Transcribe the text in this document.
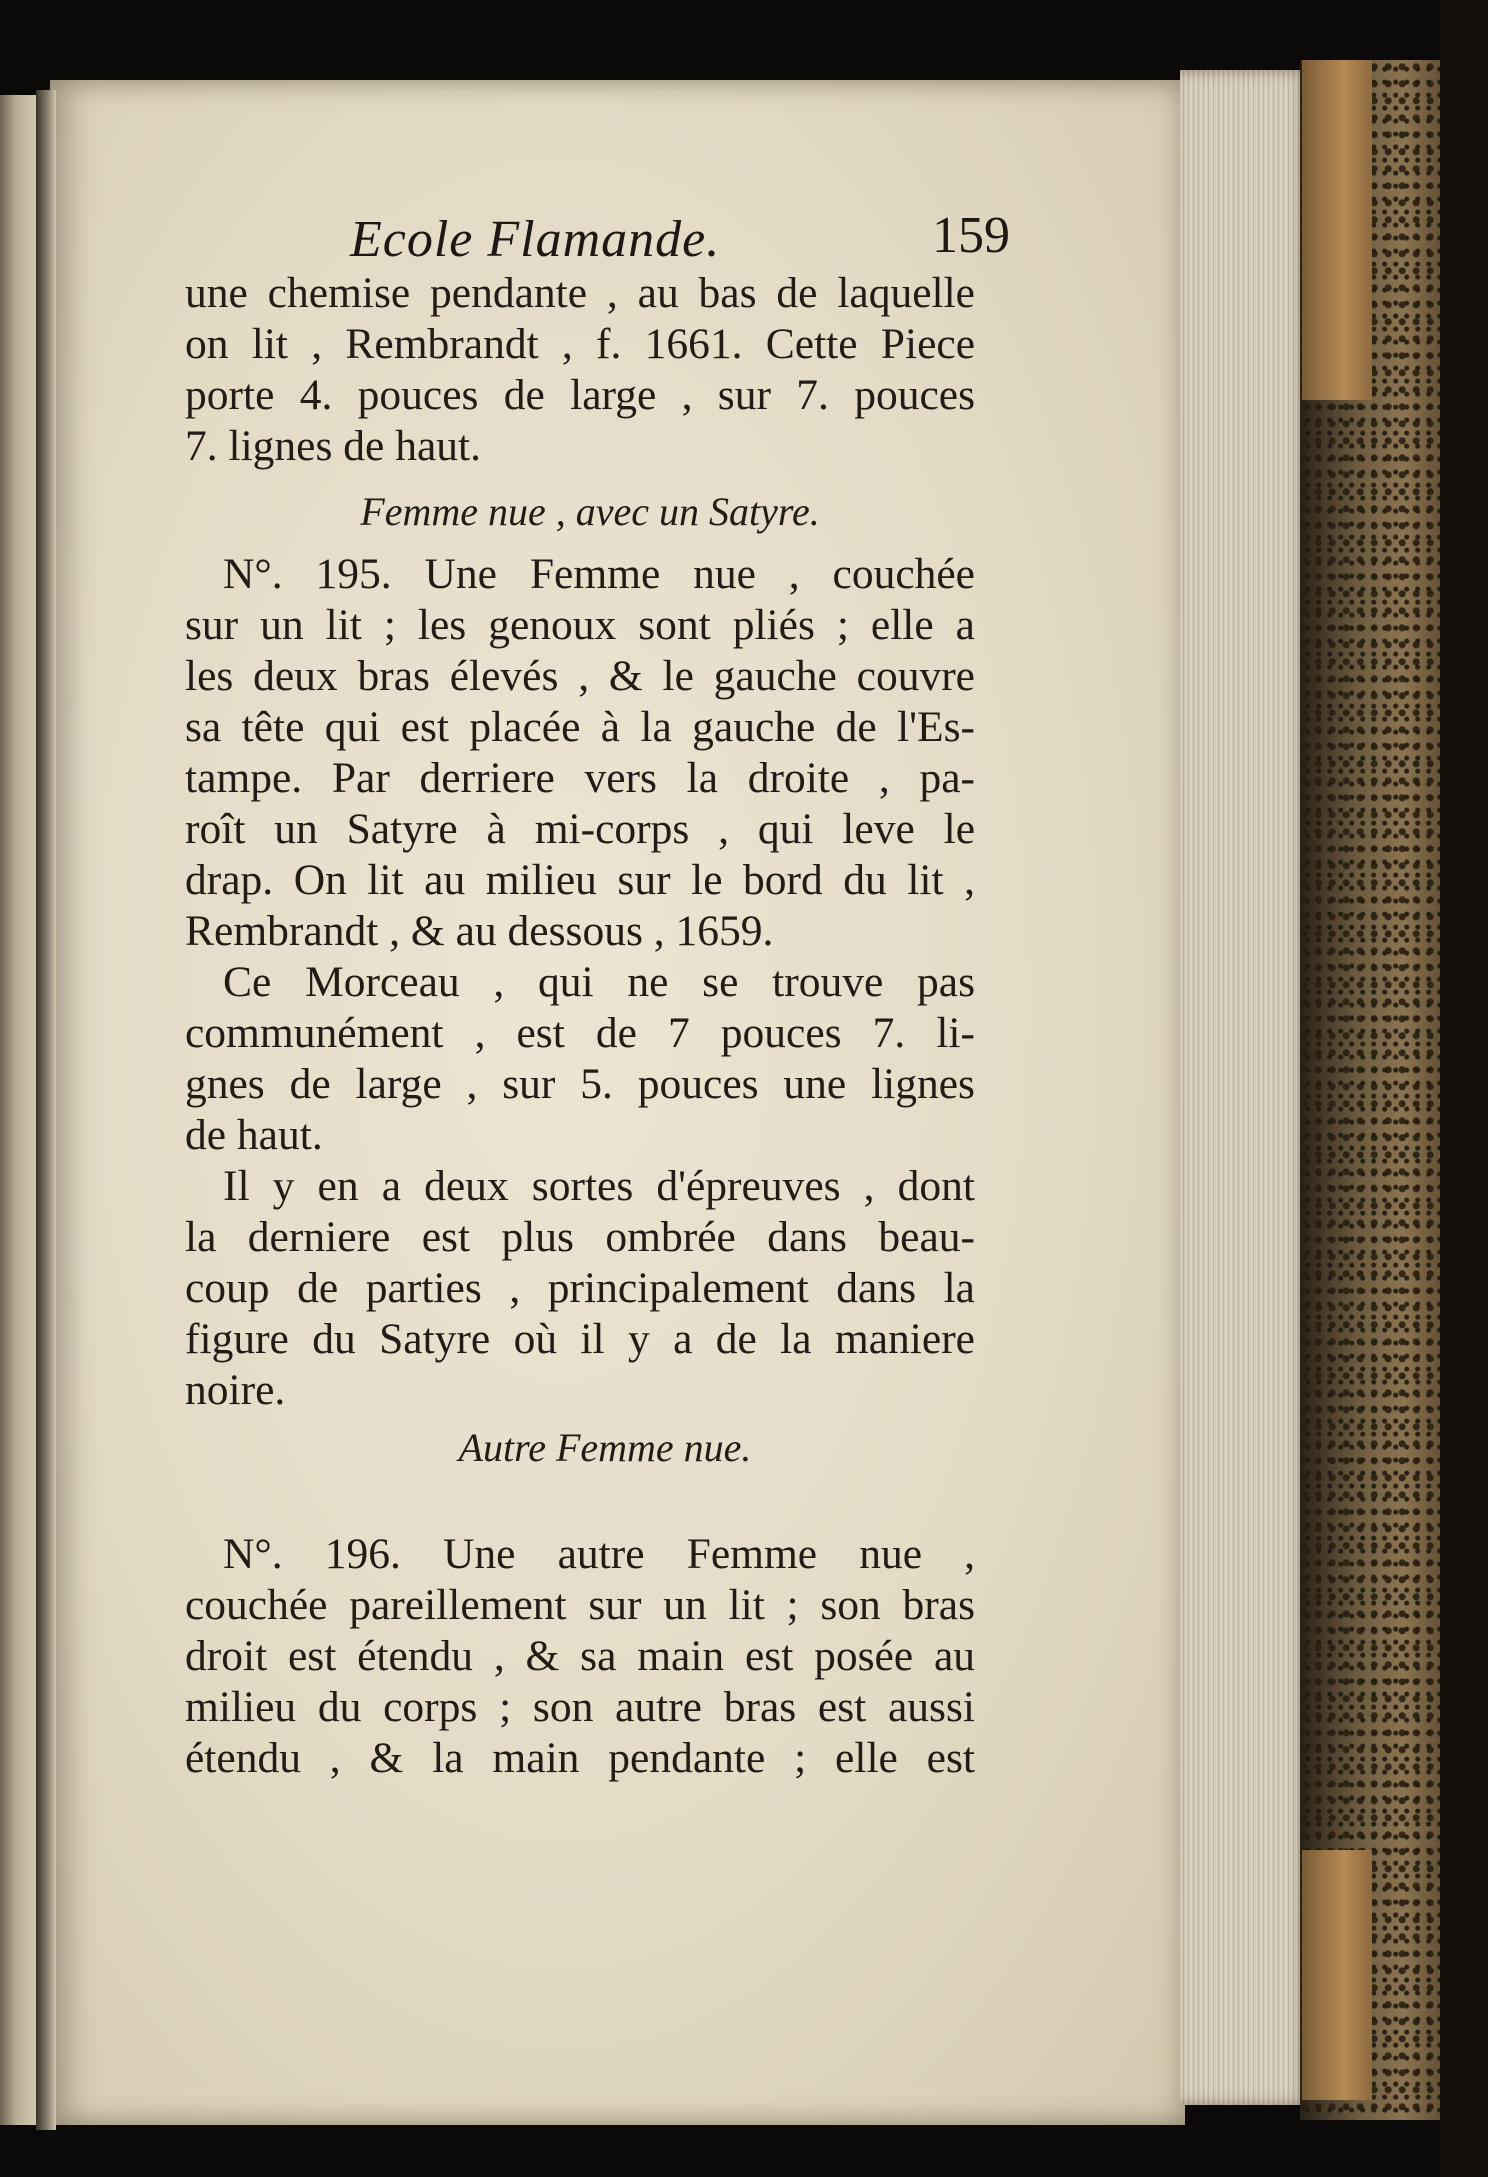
Ecole Flamande.	159
une chemise pendante , au bas de laquelle
on lit , Rembrandt , f. 1661. Cette Piece
porte 4. pouces de large , sur 7. pouces
7. lignes de haut.
Femme nue , avec un Satyre.
N°. 195. Une Femme nue , couchée
sur un lit ; les genoux sont pliés ; elle a
les deux bras élevés , & le gauche couvre
sa tête qui est placée à la gauche de l'Es-
tampe. Par derriere vers la droite , pa-
roît un Satyre à mi-corps , qui leve le
drap. On lit au milieu sur le bord du lit ,
Rembrandt , & au dessous , 1659.
Ce Morceau , qui ne se trouve pas
communément , est de 7 pouces 7. li-
gnes de large , sur 5. pouces une lignes
de haut.
Il y en a deux sortes d'épreuves , dont
la derniere est plus ombrée dans beau-
coup de parties , principalement dans la
figure du Satyre où il y a de la maniere
noire.
Autre Femme nue.
N°. 196. Une autre Femme nue ,
couchée pareillement sur un lit ; son bras
droit est étendu , & sa main est posée au
milieu du corps ; son autre bras est aussi
étendu , & la main pendante ; elle est
